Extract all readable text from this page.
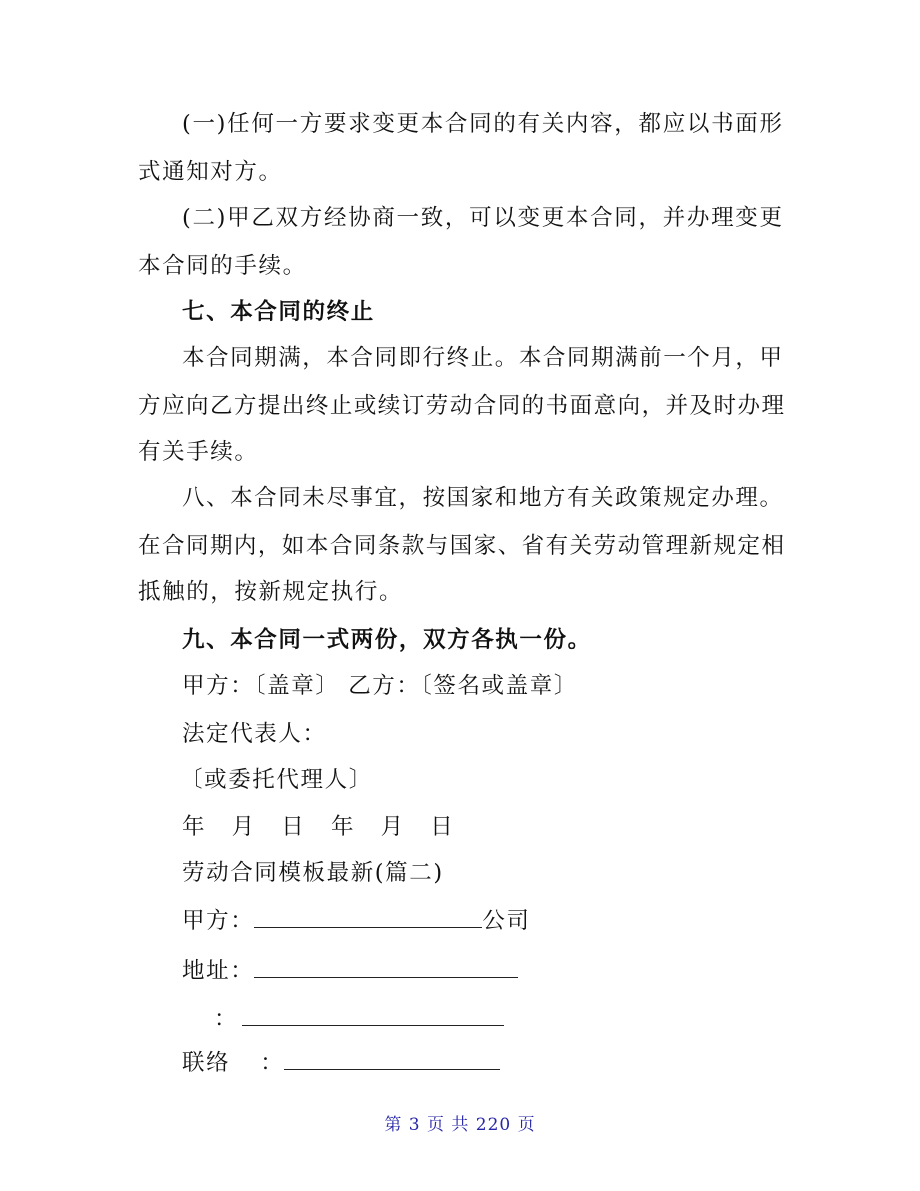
(一)任何一方要求变更本合同的有关内容，都应以书面形
式通知对方。
(二)甲乙双方经协商一致，可以变更本合同，并办理变更
本合同的手续。
七、本合同的终止
本合同期满，本合同即行终止。本合同期满前一个月，甲
方应向乙方提出终止或续订劳动合同的书面意向，并及时办理
有关手续。
八、本合同未尽事宜，按国家和地方有关政策规定办理。
在合同期内，如本合同条款与国家、省有关劳动管理新规定相
抵触的，按新规定执行。
九、本合同一式两份，双方各执一份。
甲方：〔盖章〕 乙方：〔签名或盖章〕
法定代表人：
〔或委托代理人〕
年 月 日 年 月 日
劳动合同模板最新(篇二)
甲方：	公司
地址：
：
联络 ：
第 3 页 共 220 页
